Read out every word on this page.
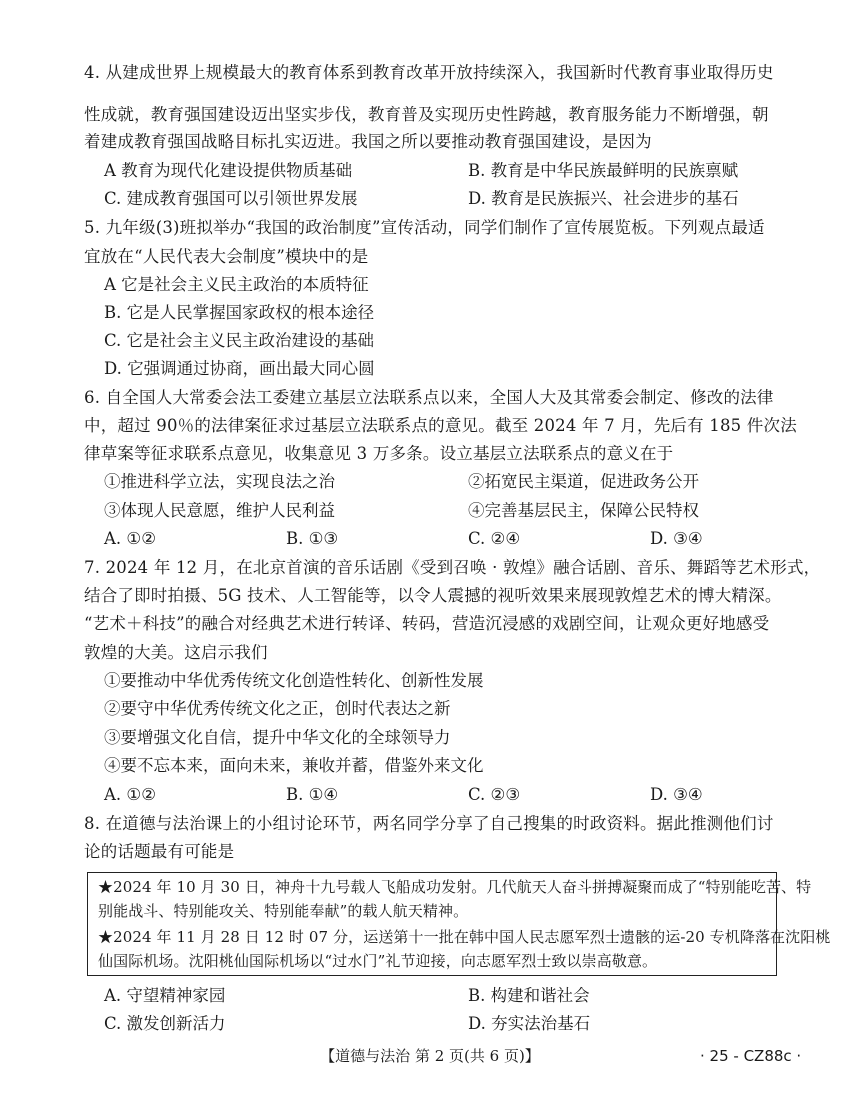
4. 从建成世界上规模最大的教育体系到教育改革开放持续深入，我国新时代教育事业取得历史
性成就，教育强国建设迈出坚实步伐，教育普及实现历史性跨越，教育服务能力不断增强，朝
着建成教育强国战略目标扎实迈进。我国之所以要推动教育强国建设，是因为
A 教育为现代化建设提供物质基础	B. 教育是中华民族最鲜明的民族禀赋
C. 建成教育强国可以引领世界发展	D. 教育是民族振兴、社会进步的基石
5. 九年级(3)班拟举办“我国的政治制度”宣传活动，同学们制作了宣传展览板。下列观点最适
宜放在“人民代表大会制度”模块中的是
A 它是社会主义民主政治的本质特征
B. 它是人民掌握国家政权的根本途径
C. 它是社会主义民主政治建设的基础
D. 它强调通过协商，画出最大同心圆
6. 自全国人大常委会法工委建立基层立法联系点以来，全国人大及其常委会制定、修改的法律
中，超过 90％的法律案征求过基层立法联系点的意见。截至 2024 年 7 月，先后有 185 件次法
律草案等征求联系点意见，收集意见 3 万多条。设立基层立法联系点的意义在于
①推进科学立法，实现良法之治	②拓宽民主渠道，促进政务公开
③体现人民意愿，维护人民利益	④完善基层民主，保障公民特权
A. ①②	B. ①③	C. ②④	D. ③④
7. 2024 年 12 月，在北京首演的音乐话剧《受到召唤 · 敦煌》融合话剧、音乐、舞蹈等艺术形式，
结合了即时拍摄、5G 技术、人工智能等，以令人震撼的视听效果来展现敦煌艺术的博大精深。
“艺术＋科技”的融合对经典艺术进行转译、转码，营造沉浸感的戏剧空间，让观众更好地感受
敦煌的大美。这启示我们
①要推动中华优秀传统文化创造性转化、创新性发展
②要守中华优秀传统文化之正，创时代表达之新
③要增强文化自信，提升中华文化的全球领导力
④要不忘本来，面向未来，兼收并蓄，借鉴外来文化
A. ①②	B. ①④	C. ②③	D. ③④
8. 在道德与法治课上的小组讨论环节，两名同学分享了自己搜集的时政资料。据此推测他们讨
论的话题最有可能是
★2024 年 10 月 30 日，神舟十九号载人飞船成功发射。几代航天人奋斗拼搏凝聚而成了“特别能吃苦、特
别能战斗、特别能攻关、特别能奉献”的载人航天精神。
★2024 年 11 月 28 日 12 时 07 分，运送第十一批在韩中国人民志愿军烈士遗骸的运-20 专机降落在沈阳桃
仙国际机场。沈阳桃仙国际机场以“过水门”礼节迎接，向志愿军烈士致以崇高敬意。
A. 守望精神家园	B. 构建和谐社会
C. 激发创新活力	D. 夯实法治基石
【道德与法治 第 2 页(共 6 页)】	· 25 - CZ88c ·
